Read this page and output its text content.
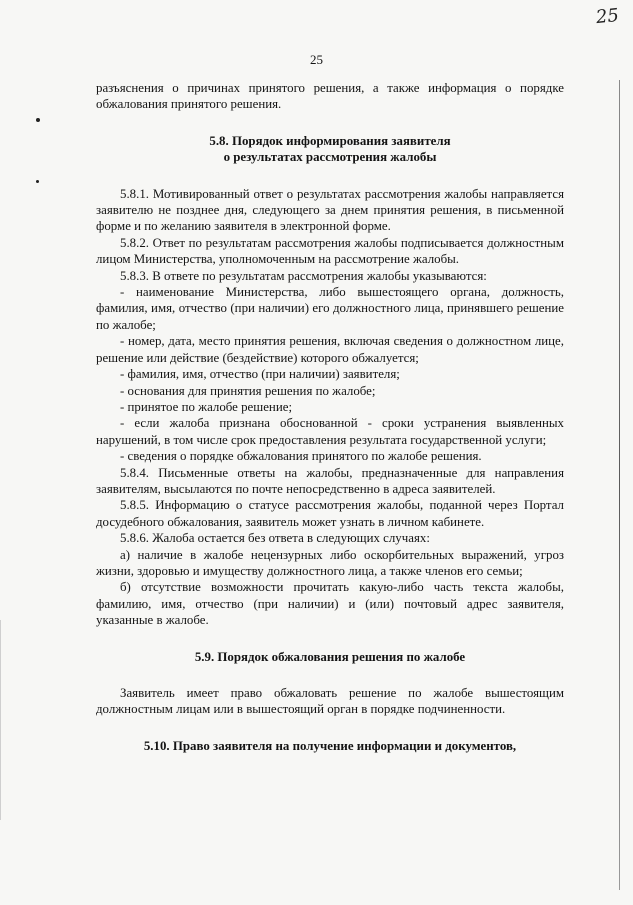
25
25

разъяснения о причинах принятого решения, а также информация о порядке обжалования принятого решения.

5.8. Порядок информирования заявителя

о результатах рассмотрения жалобы

5.8.1. Мотивированный ответ о результатах рассмотрения жалобы направляется заявителю не позднее дня, следующего за днем принятия решения, в письменной форме и по желанию заявителя в электронной форме.

5.8.2. Ответ по результатам рассмотрения жалобы подписывается должностным лицом Министерства, уполномоченным на рассмотрение жалобы.

5.8.3. В ответе по результатам рассмотрения жалобы указываются:

- наименование Министерства, либо вышестоящего органа, должность, фамилия, имя, отчество (при наличии) его должностного лица, принявшего решение по жалобе;

- номер, дата, место принятия решения, включая сведения о должностном лице, решение или действие (бездействие) которого обжалуется;

- фамилия, имя, отчество (при наличии) заявителя;

- основания для принятия решения по жалобе;

- принятое по жалобе решение;

- если жалоба признана обоснованной - сроки устранения выявленных нарушений, в том числе срок предоставления результата государственной услуги;

- сведения о порядке обжалования принятого по жалобе решения.

5.8.4. Письменные ответы на жалобы, предназначенные для направления заявителям, высылаются по почте непосредственно в адреса заявителей.

5.8.5. Информацию о статусе рассмотрения жалобы, поданной через Портал досудебного обжалования, заявитель может узнать в личном кабинете.

5.8.6. Жалоба остается без ответа в следующих случаях:

а) наличие в жалобе нецензурных либо оскорбительных выражений, угроз жизни, здоровью и имуществу должностного лица, а также членов его семьи;

б) отсутствие возможности прочитать какую-либо часть текста жалобы, фамилию, имя, отчество (при наличии) и (или) почтовый адрес заявителя, указанные в жалобе.

5.9. Порядок обжалования решения по жалобе

Заявитель имеет право обжаловать решение по жалобе вышестоящим должностным лицам или в вышестоящий орган в порядке подчиненности.

5.10. Право заявителя на получение информации и документов,
